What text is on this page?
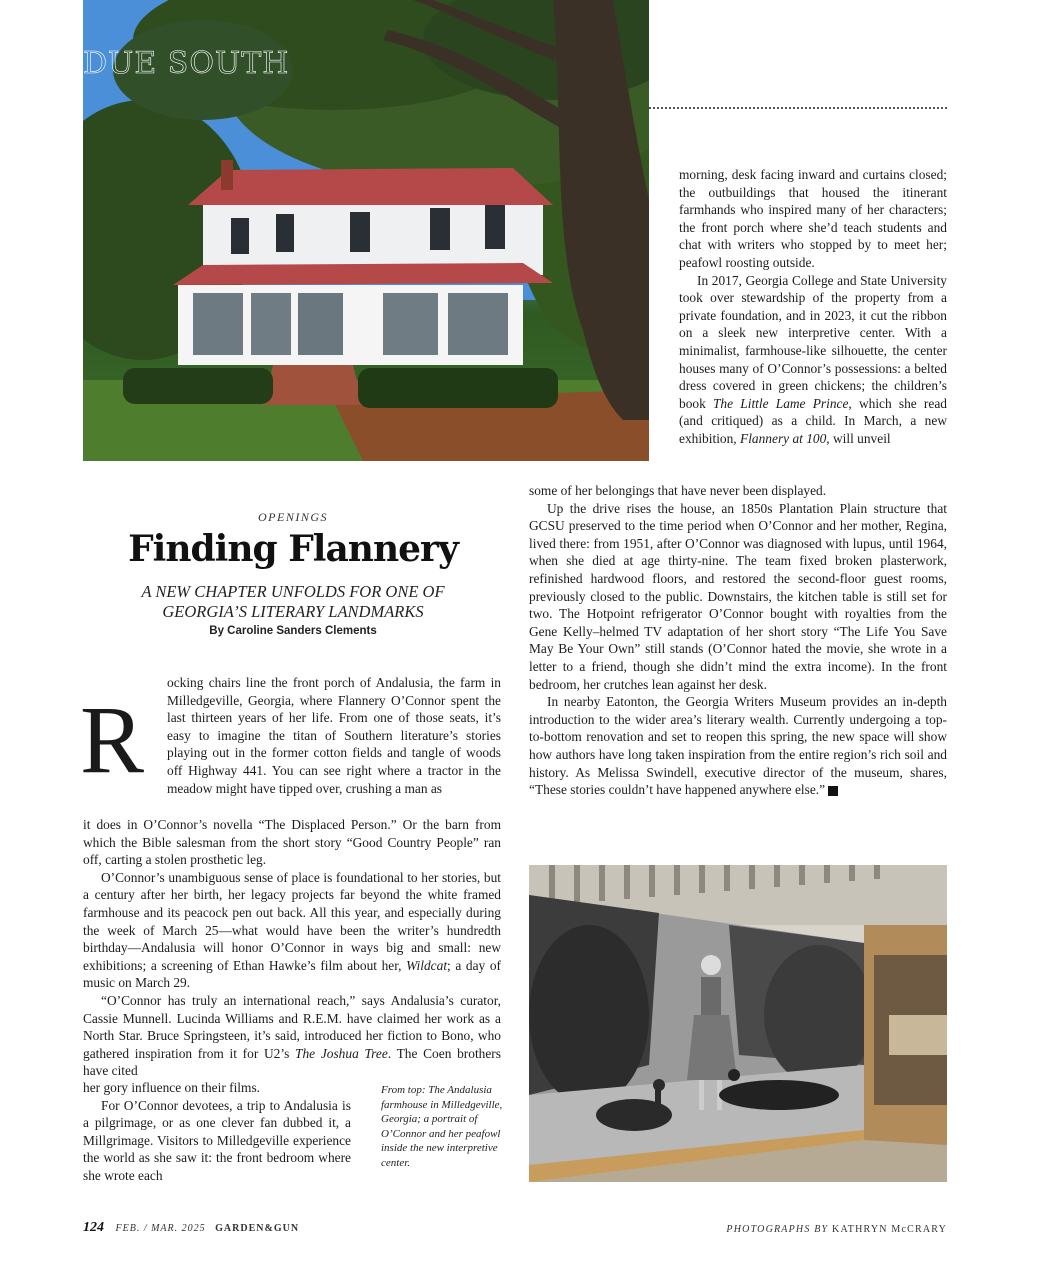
DUE SOUTH

morning, desk facing inward and curtains closed; the outbuildings that housed the itinerant farmhands who inspired many of her characters; the front porch where she’d teach students and chat with writers who stopped by to meet her; peafowl roosting outside.

In 2017, Georgia College and State University took over stewardship of the property from a private foundation, and in 2023, it cut the ribbon on a sleek new interpretive center. With a minimalist, farmhouse-like silhouette, the center houses many of O’Connor’s possessions: a belted dress covered in green chickens; the children’s book The Little Lame Prince, which she read (and critiqued) as a child. In March, a new exhibition, Flannery at 100, will unveil

some of her belongings that have never been displayed.

Up the drive rises the house, an 1850s Plantation Plain structure that GCSU preserved to the time period when O’Connor and her mother, Regina, lived there: from 1951, after O’Connor was diagnosed with lupus, until 1964, when she died at age thirty-nine. The team fixed broken plasterwork, refinished hardwood floors, and restored the second-floor guest rooms, previously closed to the public. Downstairs, the kitchen table is still set for two. The Hotpoint refrigerator O’Connor bought with royalties from the Gene Kelly–helmed TV adaptation of her short story “The Life You Save May Be Your Own” still stands (O’Connor hated the movie, she wrote in a letter to a friend, though she didn’t mind the extra income). In the front bedroom, her crutches lean against her desk.

In nearby Eatonton, the Georgia Writers Museum provides an in-depth introduction to the wider area’s literary wealth. Currently undergoing a top-to-bottom renovation and set to reopen this spring, the new space will show how authors have long taken inspiration from the entire region’s rich soil and history. As Melissa Swindell, executive director of the museum, shares, “These stories couldn’t have happened anywhere else.”	G

OPENINGS
Finding Flannery
A NEW CHAPTER UNFOLDS FOR ONE OF GEORGIA’S LITERARY LANDMARKS
By Caroline Sanders Clements
R

ocking chairs line the front porch of Andalusia, the farm in Milledgeville, Georgia, where Flannery O’Connor spent the last thirteen years of her life. From one of those seats, it’s easy to imagine the titan of Southern literature’s stories playing out in the former cotton fields and tangle of woods off Highway 441. You can see right where a tractor in the meadow might have tipped over, crushing a man as

it does in O’Connor’s novella “The Displaced Person.” Or the barn from which the Bible salesman from the short story “Good Country People” ran off, carting a stolen prosthetic leg.

O’Connor’s unambiguous sense of place is foundational to her stories, but a century after her birth, her legacy projects far beyond the white framed farmhouse and its peacock pen out back. All this year, and especially during the week of March 25—what would have been the writer’s hundredth birthday—Andalusia will honor O’Connor in ways big and small: new exhibitions; a screening of Ethan Hawke’s film about her, Wildcat; a day of music on March 29.

“O’Connor has truly an international reach,” says Andalusia’s curator, Cassie Munnell. Lucinda Williams and R.E.M. have claimed her work as a North Star. Bruce Springsteen, it’s said, introduced her fiction to Bono, who gathered inspiration from it for U2’s The Joshua Tree. The Coen brothers have cited

her gory influence on their films.

For O’Connor devotees, a trip to Andalusia is a pilgrimage, or as one clever fan dubbed it, a Millgrimage. Visitors to Milledgeville experience the world as she saw it: the front bedroom where she wrote each

From top: The Andalusia farmhouse in Milledgeville, Georgia; a portrait of O’Connor and her peafowl inside the new interpretive center.
124 FEB. / MAR. 2025 GARDEN&GUN	PHOTOGRAPHS BY KATHRYN McCRARY
